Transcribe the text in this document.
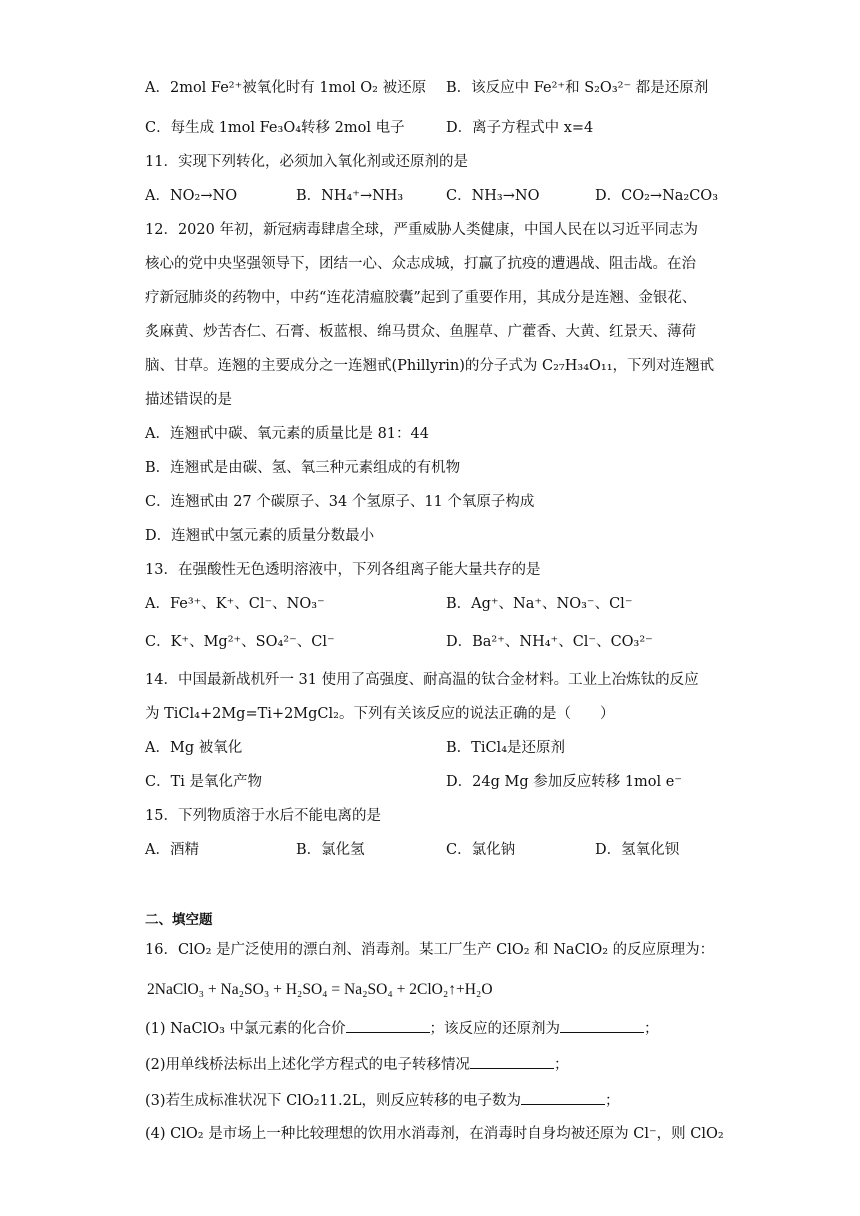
A．2mol Fe²⁺被氧化时有 1mol O₂ 被还原 B．该反应中 Fe²⁺和 S₂O₃²⁻ 都是还原剂
C．每生成 1mol Fe₃O₄转移 2mol 电子	D．离子方程式中 x=4
11．实现下列转化，必须加入氧化剂或还原剂的是
A．NO₂→NO	B．NH₄⁺→NH₃	C．NH₃→NO	D．CO₂→Na₂CO₃
12．2020 年初，新冠病毒肆虐全球，严重威胁人类健康，中国人民在以习近平同志为
核心的党中央坚强领导下，团结一心、众志成城，打赢了抗疫的遭遇战、阻击战。在治
疗新冠肺炎的药物中，中药“连花清瘟胶囊”起到了重要作用，其成分是连翘、金银花、
炙麻黄、炒苦杏仁、石膏、板蓝根、绵马贯众、鱼腥草、广藿香、大黄、红景天、薄荷
脑、甘草。连翘的主要成分之一连翘甙(Phillyrin)的分子式为 C₂₇H₃₄O₁₁，下列对连翘甙
描述错误的是
A．连翘甙中碳、氧元素的质量比是 81：44
B．连翘甙是由碳、氢、氧三种元素组成的有机物
C．连翘甙由 27 个碳原子、34 个氢原子、11 个氧原子构成
D．连翘甙中氢元素的质量分数最小
13．在强酸性无色透明溶液中，下列各组离子能大量共存的是
A．Fe³⁺、K⁺、Cl⁻、NO₃⁻	B．Ag⁺、Na⁺、NO₃⁻、Cl⁻
C．K⁺、Mg²⁺、SO₄²⁻、Cl⁻	D．Ba²⁺、NH₄⁺、Cl⁻、CO₃²⁻
14．中国最新战机歼一 31 使用了高强度、耐高温的钛合金材料。工业上冶炼钛的反应
为 TiCl₄+2Mg=Ti+2MgCl₂。下列有关该反应的说法正确的是（　　）
A．Mg 被氧化	B．TiCl₄是还原剂
C．Ti 是氧化产物	D．24g Mg 参加反应转移 1mol e⁻
15．下列物质溶于水后不能电离的是
A．酒精	B．氯化氢	C．氯化钠	D．氢氧化钡
二、填空题
16．ClO₂ 是广泛使用的漂白剂、消毒剂。某工厂生产 ClO₂ 和 NaClO₂ 的反应原理为：
2NaClO₃ + Na₂SO₃ + H₂SO₄ = Na₂SO₄ + 2ClO₂↑+H₂O
(1) NaClO₃ 中氯元素的化合价	；该反应的还原剂为	；
(2)用单线桥法标出上述化学方程式的电子转移情况	；
(3)若生成标准状况下 ClO₂11.2L，则反应转移的电子数为	；
(4) ClO₂ 是市场上一种比较理想的饮用水消毒剂，在消毒时自身均被还原为 Cl⁻，则 ClO₂
